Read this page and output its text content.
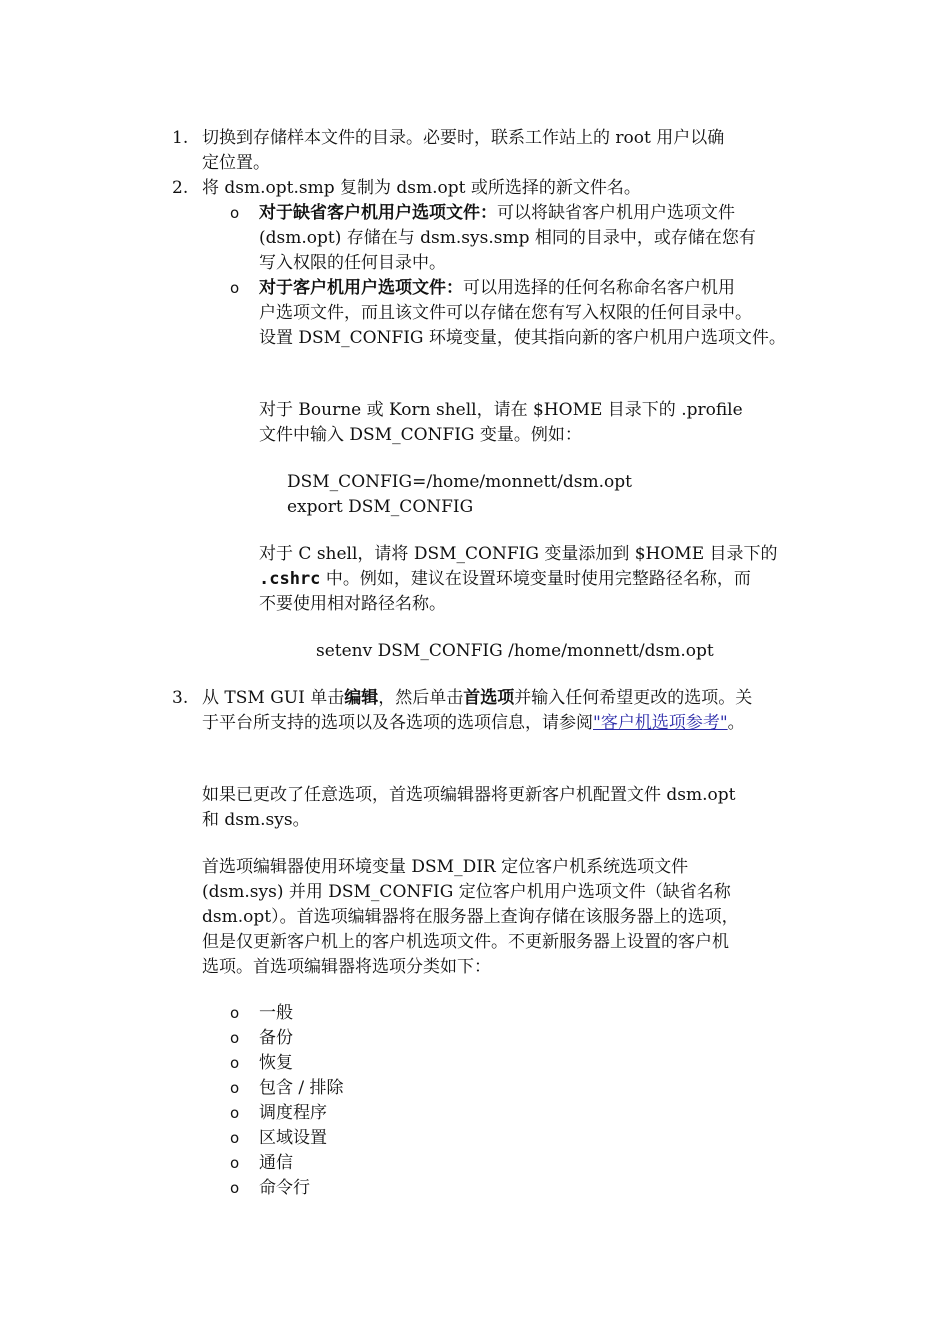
1. 切换到存储样本文件的目录。必要时，联系工作站上的 root 用户以确
定位置。
2. 将 dsm.opt.smp 复制为 dsm.opt 或所选择的新文件名。
o 对于缺省客户机用户选项文件：可以将缺省客户机用户选项文件
(dsm.opt) 存储在与 dsm.sys.smp 相同的目录中，或存储在您有
写入权限的任何目录中。
o 对于客户机用户选项文件：可以用选择的任何名称命名客户机用
户选项文件，而且该文件可以存储在您有写入权限的任何目录中。
设置 DSM_CONFIG 环境变量，使其指向新的客户机用户选项文件。
对于 Bourne 或 Korn shell，请在 $HOME 目录下的 .profile
文件中输入 DSM_CONFIG 变量。例如：
DSM_CONFIG=/home/monnett/dsm.opt
export DSM_CONFIG
对于 C shell，请将 DSM_CONFIG 变量添加到 $HOME 目录下的
.cshrc 中。例如，建议在设置环境变量时使用完整路径名称，而
不要使用相对路径名称。
setenv DSM_CONFIG /home/monnett/dsm.opt
3. 从 TSM GUI 单击编辑，然后单击首选项并输入任何希望更改的选项。关
于平台所支持的选项以及各选项的选项信息，请参阅"客户机选项参考"。
如果已更改了任意选项，首选项编辑器将更新客户机配置文件 dsm.opt
和 dsm.sys。
首选项编辑器使用环境变量 DSM_DIR 定位客户机系统选项文件
(dsm.sys) 并用 DSM_CONFIG 定位客户机用户选项文件（缺省名称
dsm.opt）。首选项编辑器将在服务器上查询存储在该服务器上的选项，
但是仅更新客户机上的客户机选项文件。不更新服务器上设置的客户机
选项。首选项编辑器将选项分类如下：
o 一般
o 备份
o 恢复
o 包含 / 排除
o 调度程序
o 区域设置
o 通信
o 命令行
